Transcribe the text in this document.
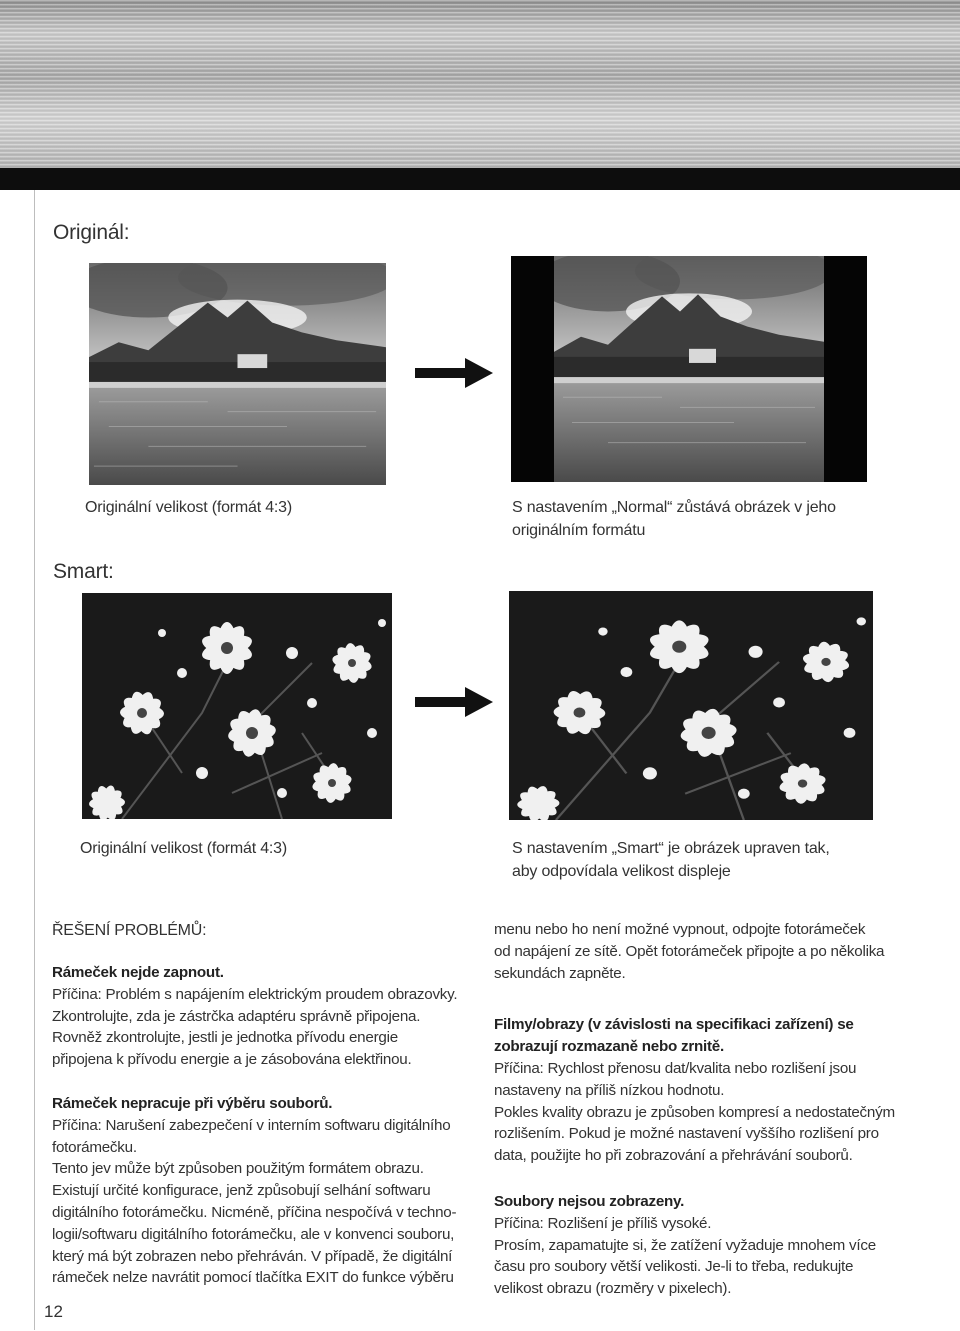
Originál:
Originální velikost (formát 4:3)	S nastavením „Normal“ zůstává obrázek v jeho
originálním formátu
Smart:
Originální velikost (formát 4:3)	S nastavením „Smart“ je obrázek upraven tak,
aby odpovídala velikost displeje
ŘEŠENÍ PROBLÉMŮ:

Rámeček nejde zapnout.

Příčina: Problém s napájením elektrickým proudem obrazovky.

Zkontrolujte, zda je zástrčka adaptéru správně připojena.

Rovněž zkontrolujte, jestli je jednotka přívodu energie

připojena k přívodu energie a je zásobována elektřinou.

Rámeček nepracuje při výběru souborů.

Příčina: Narušení zabezpečení v interním softwaru digitálního

fotorámečku.

Tento jev může být způsoben použitým formátem obrazu.

Existují určité konfigurace, jenž způsobují selhání softwaru

digitálního fotorámečku. Nicméně, příčina nespočívá v techno-

logii/softwaru digitálního fotorámečku, ale v konvenci souboru,

který má být zobrazen nebo přehráván. V případě, že digitální

rámeček nelze navrátit pomocí tlačítka EXIT do funkce výběru

menu nebo ho není možné vypnout, odpojte fotorámeček

od napájení ze sítě. Opět fotorámeček připojte a po několika

sekundách zapněte.

Filmy/obrazy (v závislosti na specifikaci zařízení) se

zobrazují rozmazaně nebo zrnitě.

Příčina: Rychlost přenosu dat/kvalita nebo rozlišení jsou

nastaveny na příliš nízkou hodnotu.

Pokles kvality obrazu je způsoben kompresí a nedostatečným

rozlišením. Pokud je možné nastavení vyššího rozlišení pro

data, použijte ho při zobrazování a přehrávání souborů.

Soubory nejsou zobrazeny.

Příčina: Rozlišení je příliš vysoké.

Prosím, zapamatujte si, že zatížení vyžaduje mnohem více

času pro soubory větší velikosti. Je-li to třeba, redukujte

velikost obrazu (rozměry v pixelech).

12
